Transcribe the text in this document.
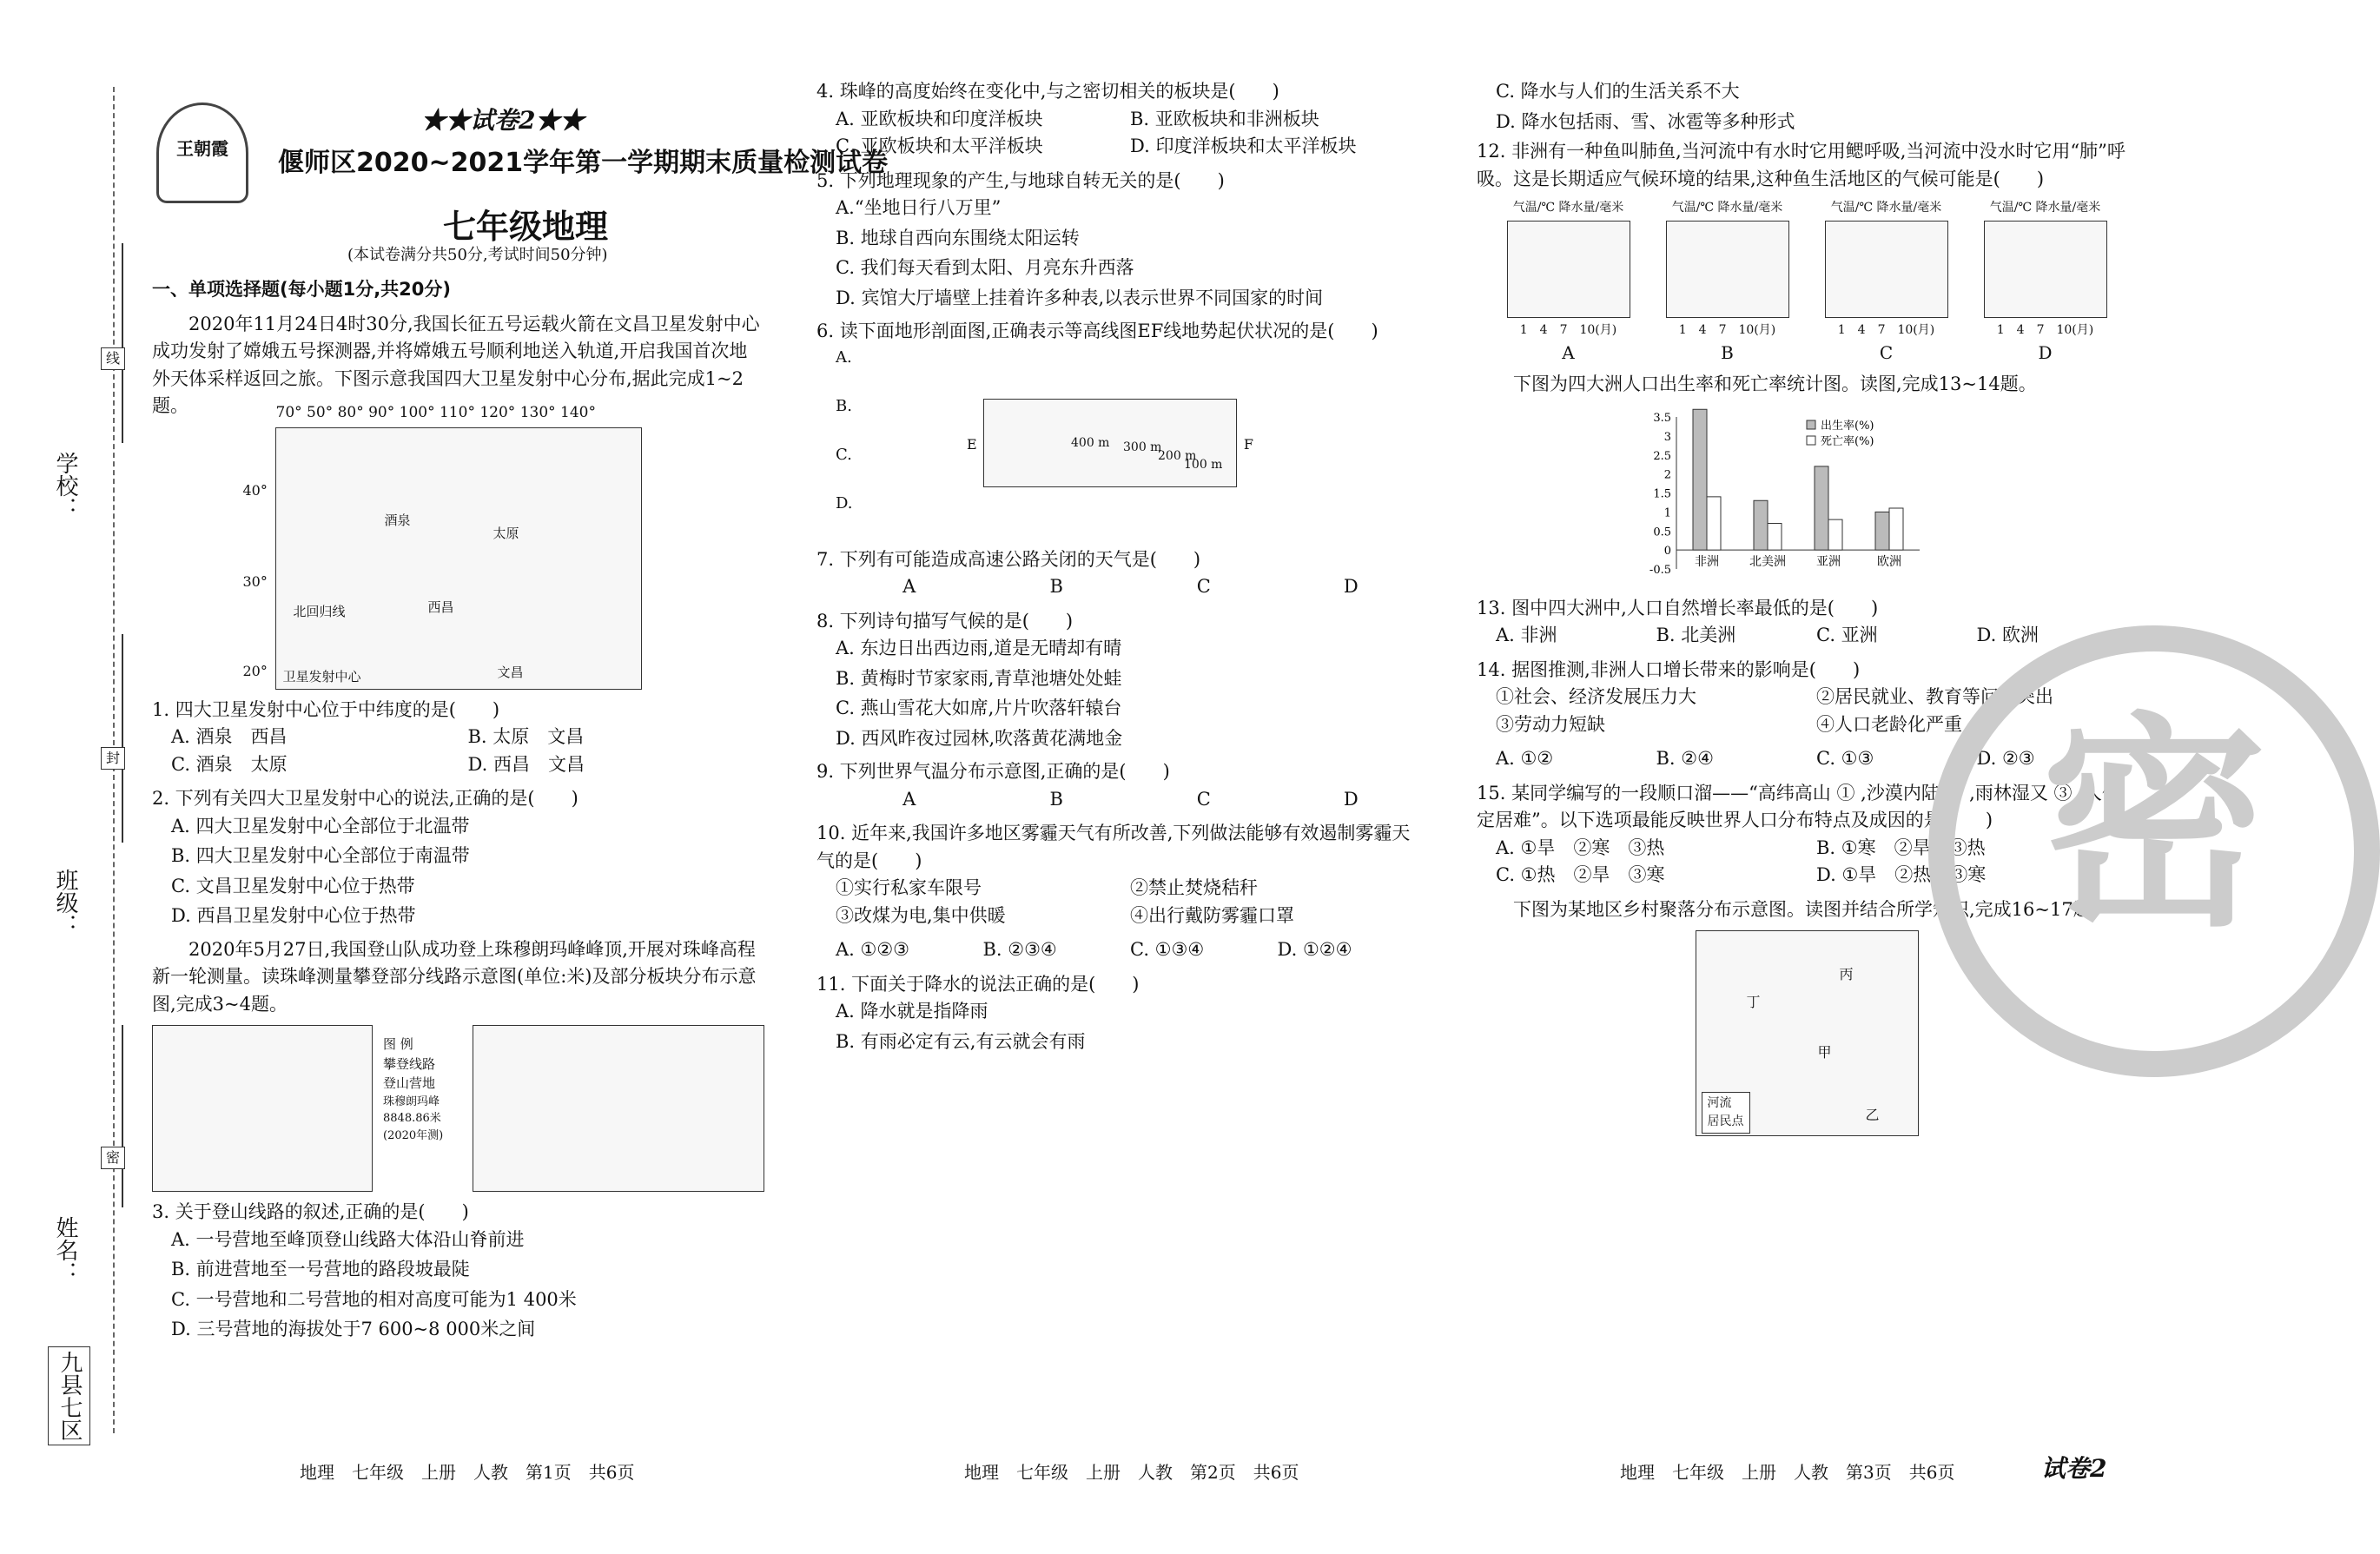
学校：
班级：
姓名：
九县七区
线
封
密
王朝霞
★★试卷2★★
偃师区2020~2021学年第一学期期末质量检测试卷
七年级地理
(本试卷满分共50分,考试时间50分钟)
一、单项选择题(每小题1分,共20分)
2020年11月24日4时30分,我国长征五号运载火箭在文昌卫星发射中心成功发射了嫦娥五号探测器,并将嫦娥五号顺利地送入轨道,开启我国首次地外天体采样返回之旅。下图示意我国四大卫星发射中心分布,据此完成1~2题。	70° 50° 80° 90° 100° 110° 120° 130° 140°
40°
30°
20°
酒泉
太原
西昌
文昌
北回归线
卫星发射中心
1. 四大卫星发射中心位于中纬度的是(　　)
A. 酒泉　西昌	B. 太原　文昌
C. 酒泉　太原	D. 西昌　文昌
2. 下列有关四大卫星发射中心的说法,正确的是(　　)
A. 四大卫星发射中心全部位于北温带
B. 四大卫星发射中心全部位于南温带
C. 文昌卫星发射中心位于热带
D. 西昌卫星发射中心位于热带
2020年5月27日,我国登山队成功登上珠穆朗玛峰峰顶,开展对珠峰高程新一轮测量。读珠峰测量攀登部分线路示意图(单位:米)及部分板块分布示意图,完成3~4题。
图 例
攀登线路
登山营地
珠穆朗玛峰 8848.86米 (2020年测)
3. 关于登山线路的叙述,正确的是(　　)
A. 一号营地至峰顶登山线路大体沿山脊前进
B. 前进营地至一号营地的路段坡最陡
C. 一号营地和二号营地的相对高度可能为1 400米
D. 三号营地的海拔处于7 600~8 000米之间
4. 珠峰的高度始终在变化中,与之密切相关的板块是(　　)
A. 亚欧板块和印度洋板块	B. 亚欧板块和非洲板块
C. 亚欧板块和太平洋板块	D. 印度洋板块和太平洋板块
5. 下列地理现象的产生,与地球自转无关的是(　　)
A.“坐地日行八万里”
B. 地球自西向东围绕太阳运转
C. 我们每天看到太阳、月亮东升西落
D. 宾馆大厅墙壁上挂着许多种表,以表示世界不同国家的时间
6. 读下面地形剖面图,正确表示等高线图EF线地势起伏状况的是(　　)
A.
B.
C.
D.
E	F
400 m 300 m
200 m
100 m
7. 下列有可能造成高速公路关闭的天气是(　　)
A	B	C	D
8. 下列诗句描写气候的是(　　)
A. 东边日出西边雨,道是无晴却有晴
B. 黄梅时节家家雨,青草池塘处处蛙
C. 燕山雪花大如席,片片吹落轩辕台
D. 西风昨夜过园林,吹落黄花满地金
9. 下列世界气温分布示意图,正确的是(　　)
A	B	C	D
10. 近年来,我国许多地区雾霾天气有所改善,下列做法能够有效遏制雾霾天气的是(　　)
①实行私家车限号	②禁止焚烧秸秆
③改煤为电,集中供暖	④出行戴防雾霾口罩
A. ①②③	B. ②③④	C. ①③④	D. ①②④
11. 下面关于降水的说法正确的是(　　)
A. 降水就是指降雨
B. 有雨必定有云,有云就会有雨
C. 降水与人们的生活关系不大
D. 降水包括雨、雪、冰雹等多种形式
12. 非洲有一种鱼叫肺鱼,当河流中有水时它用鳃呼吸,当河流中没水时它用“肺”呼吸。这是长期适应气候环境的结果,这种鱼生活地区的气候可能是(　　)
气温/℃ 降水量/毫米
1　4　7　10(月)
A
气温/℃ 降水量/毫米
1　4　7　10(月)
B
气温/℃ 降水量/毫米
1　4　7　10(月)
C
气温/℃ 降水量/毫米
1　4　7　10(月)
D
下图为四大洲人口出生率和死亡率统计图。读图,完成13~14题。
3.5
3
2.5
2
1.5
1
0.5
0
-0.5
非洲	北美洲	亚洲	欧洲
出生率(%)
死亡率(%)
13. 图中四大洲中,人口自然增长率最低的是(　　)
A. 非洲	B. 北美洲	C. 亚洲	D. 欧洲
14. 据图推测,非洲人口增长带来的影响是(　　)
①社会、经济发展压力大	②居民就业、教育等问题突出
③劳动力短缺	④人口老龄化严重
A. ①②	B. ②④	C. ①③	D. ②③
15. 某同学编写的一段顺口溜——“高纬高山 ① ,沙漠内陆 ② ,雨林湿又 ③ ,人们定居难”。以下选项最能反映世界人口分布特点及成因的是(　　)
A. ①旱　②寒　③热	B. ①寒　②旱　③热
C. ①热　②旱　③寒	D. ①旱　②热　③寒
下图为某地区乡村聚落分布示意图。读图并结合所学知识,完成16~17题。
丙
丁
甲
乙
河流
居民点
密
地理　七年级　上册　人教　第1页　共6页	地理　七年级　上册　人教　第2页　共6页	地理　七年级　上册　人教　第3页　共6页	试卷2
